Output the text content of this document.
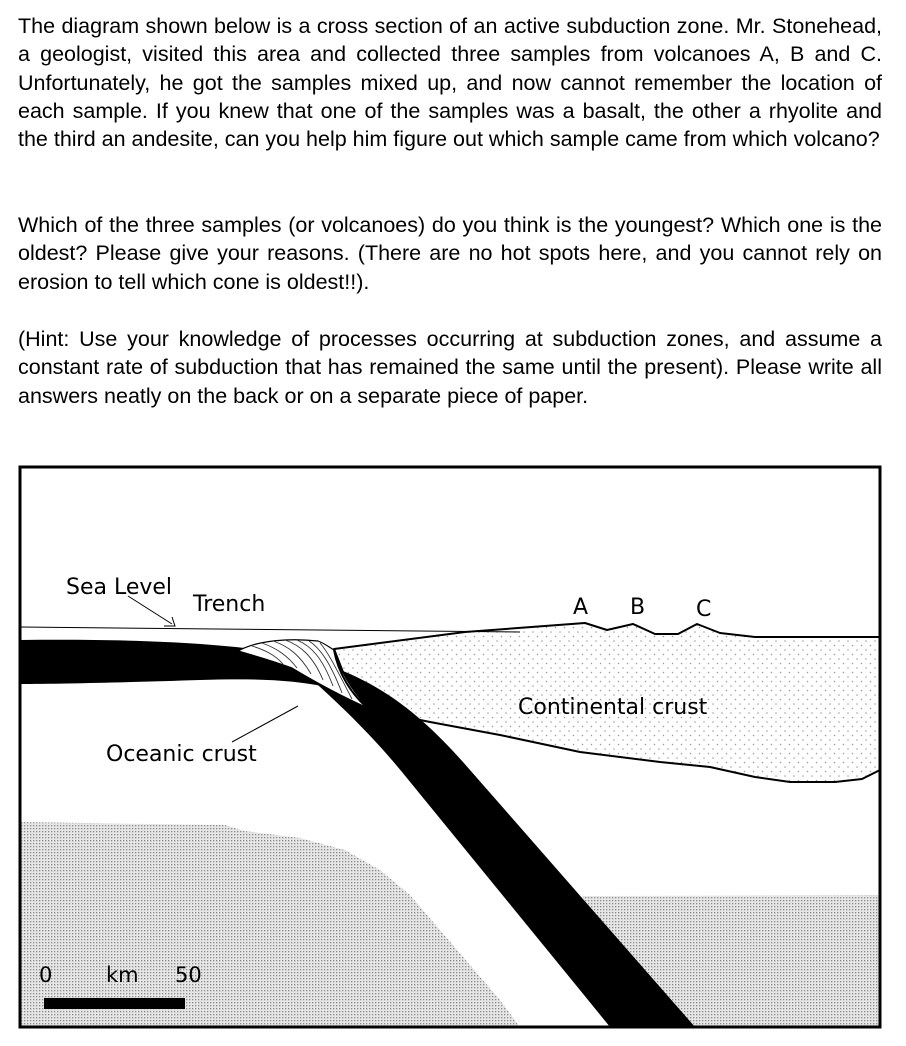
The diagram shown below is a cross section of an active subduction zone. Mr. Stonehead, a geologist, visited this area and collected three samples from volcanoes A, B and C. Unfortunately, he got the samples mixed up, and now cannot remember the location of each sample. If you knew that one of the samples was a basalt, the other a rhyolite and the third an andesite, can you help him figure out which sample came from which volcano?

Which of the three samples (or volcanoes) do you think is the youngest? Which one is the oldest? Please give your reasons. (There are no hot spots here, and you cannot rely on erosion to tell which cone is oldest!!).

(Hint: Use your knowledge of processes occurring at subduction zones, and assume a constant rate of subduction that has remained the same until the present). Please write all answers neatly on the back or on a separate piece of paper.

Sea Level
Trench	A B C
Continental crust
Oceanic crust
0	km 50
